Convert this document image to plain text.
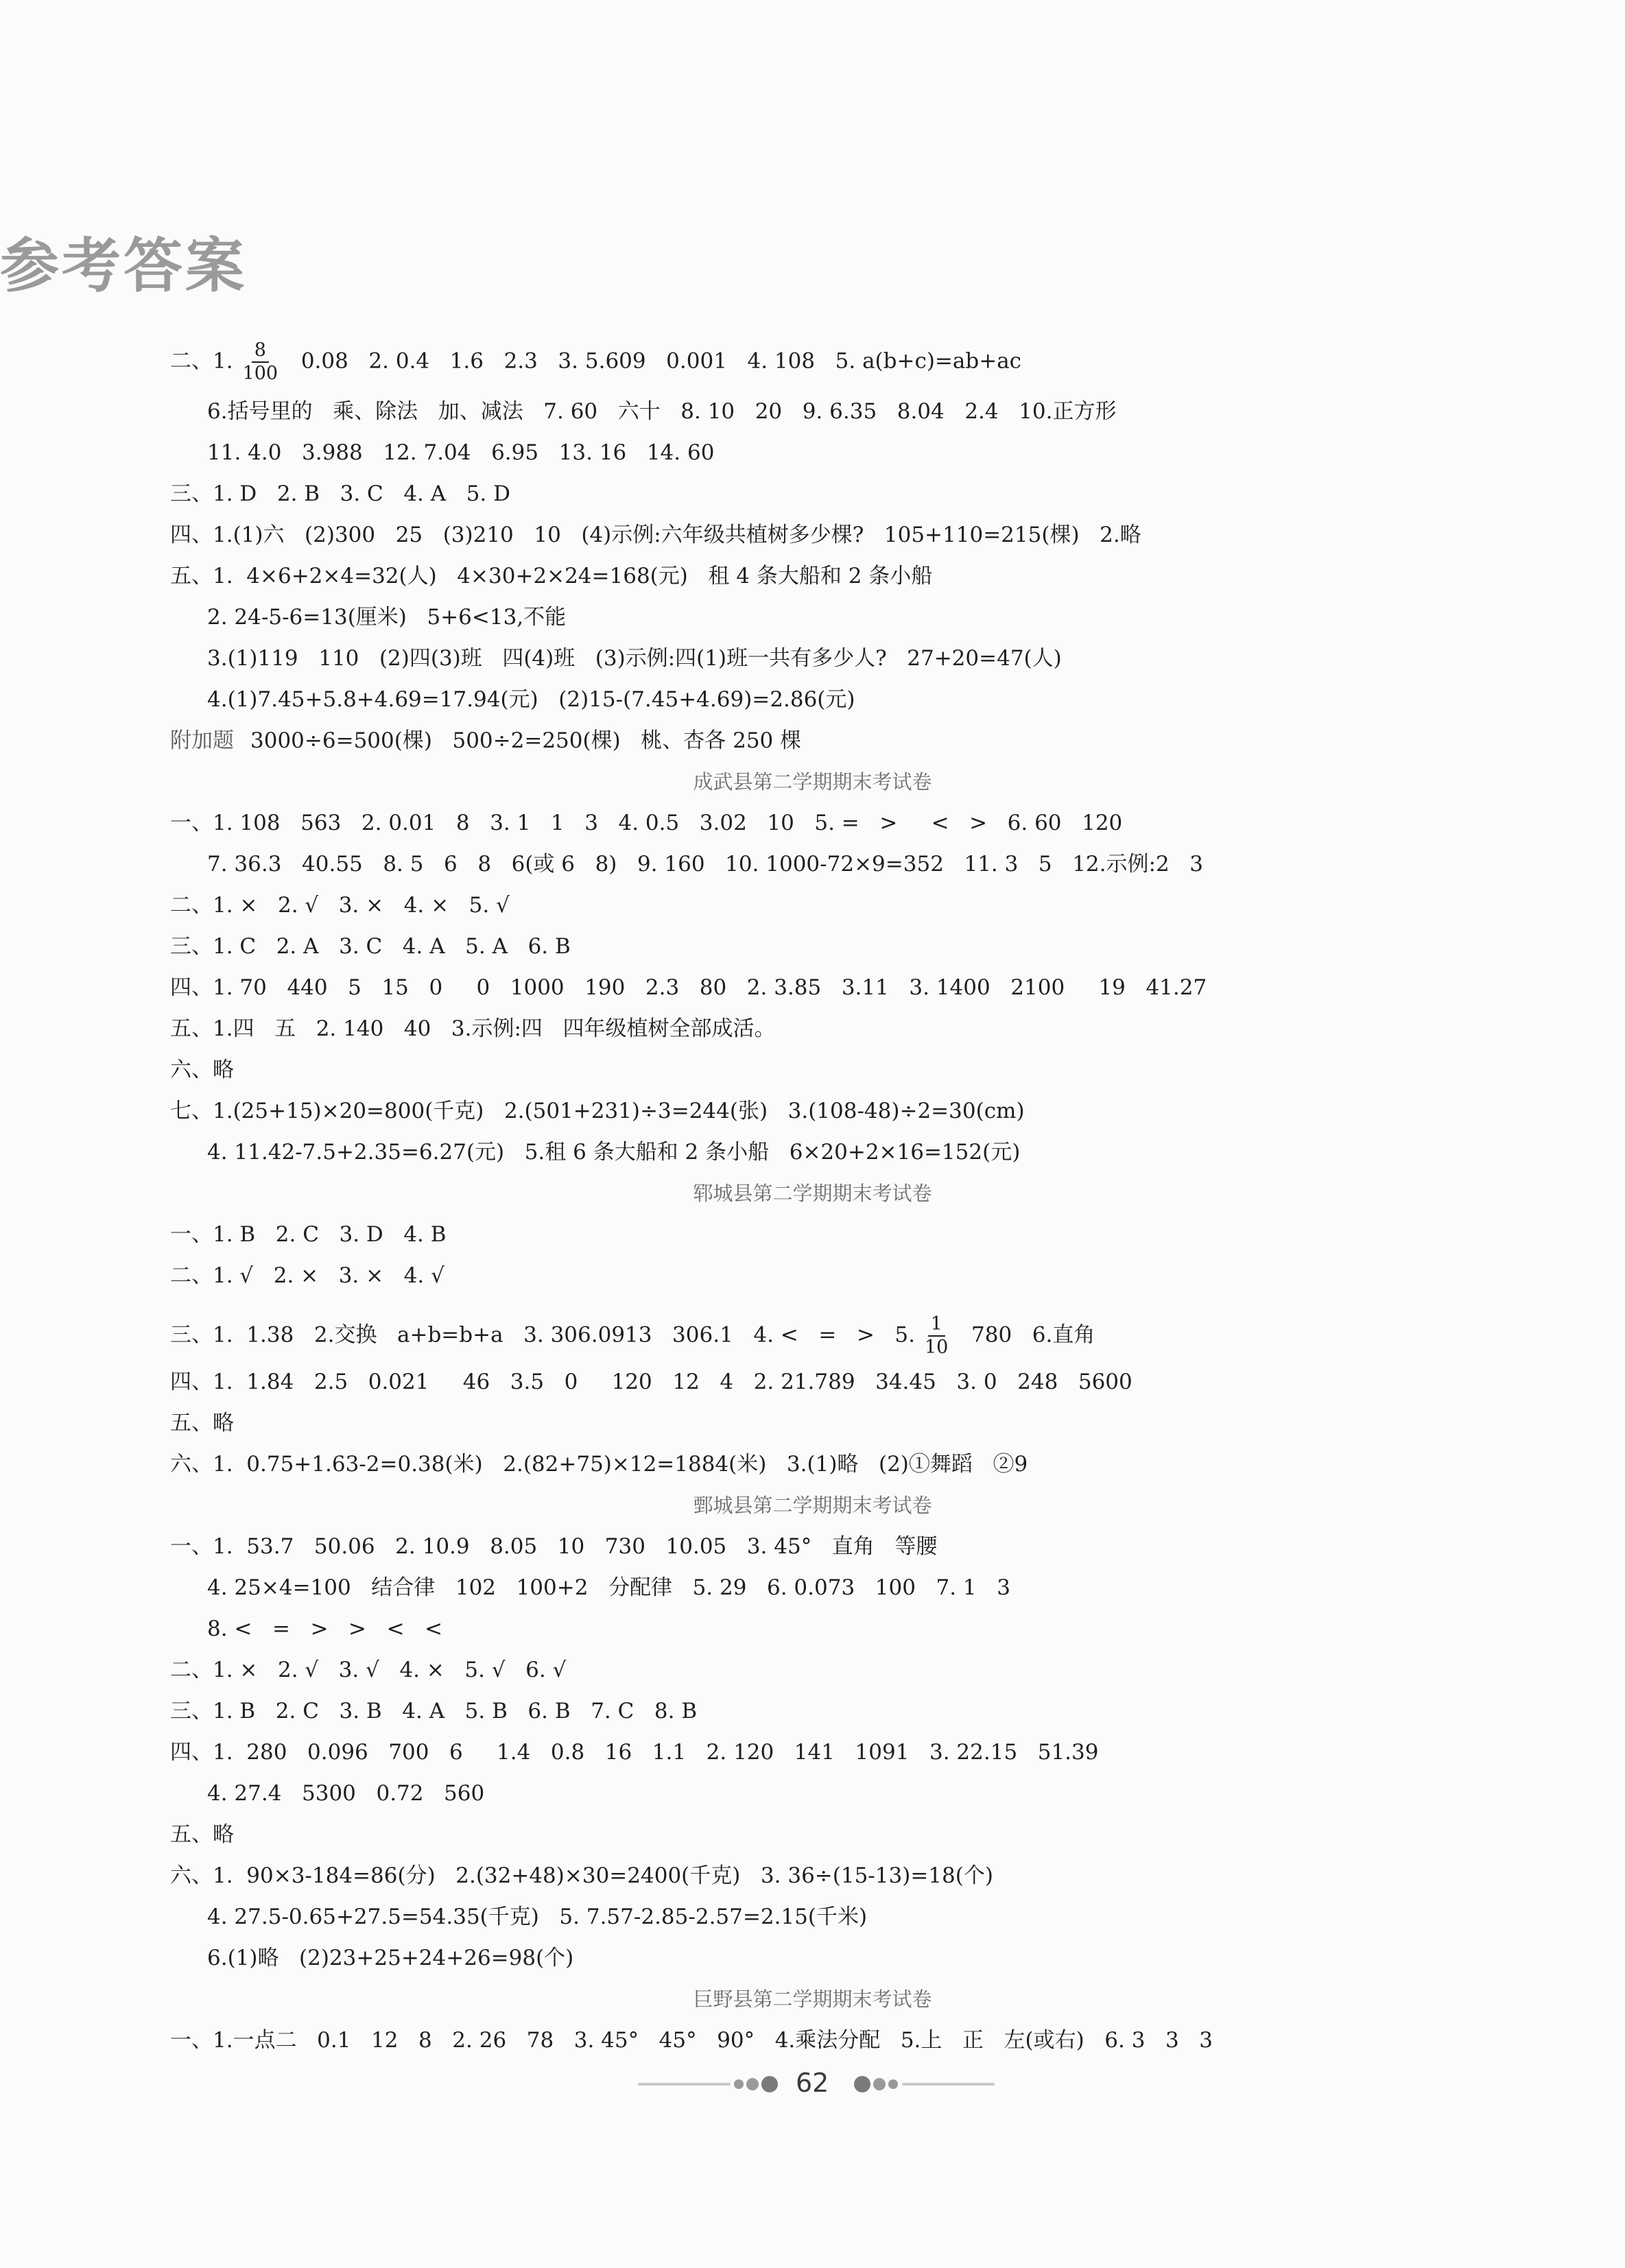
参考答案
二、1. $\frac{8}{100} 0.08$   2. 0.4   1.6   2.3   3. 5.609   0.001   4. 108   5. a(b+c)=ab+ac
6.括号里的   乘、除法   加、减法   7. 60   六十   8. 10   20   9. 6.35   8.04   2.4   10.正方形
11. 4.0   3.988   12. 7.04   6.95   13. 16   14. 60
三、1. D   2. B   3. C   4. A   5. D
四、1.(1)六   (2)300   25   (3)210   10   (4)示例:六年级共植树多少棵?   105+110=215(棵)   2.略
五、1.  4×6+2×4=32(人)   4×30+2×24=168(元)   租 4 条大船和 2 条小船
2. 24-5-6=13(厘米)   5+6<13,不能
3.(1)119   110   (2)四(3)班   四(4)班   (3)示例:四(1)班一共有多少人?   27+20=47(人)
4.(1)7.45+5.8+4.69=17.94(元)   (2)15-(7.45+4.69)=2.86(元)
附加题 3000÷6=500(棵)   500÷2=250(棵)   桃、杏各 250 棵
成武县第二学期期末考试卷
一、1. 108   563   2. 0.01   8   3. 1   1   3   4. 0.5   3.02   10   5. =   >     <   >   6. 60   120
7. 36.3   40.55   8. 5   6   8   6(或 6   8)   9. 160   10. 1000-72×9=352   11. 3   5   12.示例:2   3
二、1. ×   2. √   3. ×   4. ×   5. √
三、1. C   2. A   3. C   4. A   5. A   6. B
四、1. 70   440   5   15   0     0   1000   190   2.3   80   2. 3.85   3.11   3. 1400   2100     19   41.27
五、1.四   五   2. 140   40   3.示例:四   四年级植树全部成活。
六、略
七、1.(25+15)×20=800(千克)   2.(501+231)÷3=244(张)   3.(108-48)÷2=30(cm)
4. 11.42-7.5+2.35=6.27(元)   5.租 6 条大船和 2 条小船   6×20+2×16=152(元)
郓城县第二学期期末考试卷
一、1. B   2. C   3. D   4. B
二、1. √   2. ×   3. ×   4. √
三、1.  1.38   2.交换   a+b=b+a   3. 306.0913   306.1   4. <   =   >   5. $\frac{1}{10} 780$   6.直角
四、1.  1.84   2.5   0.021     46   3.5   0     120   12   4   2. 21.789   34.45   3. 0   248   5600
五、略
六、1.  0.75+1.63-2=0.38(米)   2.(82+75)×12=1884(米)   3.(1)略   (2)①舞蹈   ②9
鄄城县第二学期期末考试卷
一、1.  53.7   50.06   2. 10.9   8.05   10   730   10.05   3. 45°   直角   等腰
4. 25×4=100   结合律   102   100+2   分配律   5. 29   6. 0.073   100   7. 1   3
8. <   =   >   >   <   <
二、1. ×   2. √   3. √   4. ×   5. √   6. √
三、1. B   2. C   3. B   4. A   5. B   6. B   7. C   8. B
四、1.  280   0.096   700   6     1.4   0.8   16   1.1   2. 120   141   1091   3. 22.15   51.39
4. 27.4   5300   0.72   560
五、略
六、1.  90×3-184=86(分)   2.(32+48)×30=2400(千克)   3. 36÷(15-13)=18(个)
4. 27.5-0.65+27.5=54.35(千克)   5. 7.57-2.85-2.57=2.15(千米)
6.(1)略   (2)23+25+24+26=98(个)
巨野县第二学期期末考试卷
一、1.一点二   0.1   12   8   2. 26   78   3. 45°   45°   90°   4.乘法分配   5.上   正   左(或右)   6. 3   3   3
62
